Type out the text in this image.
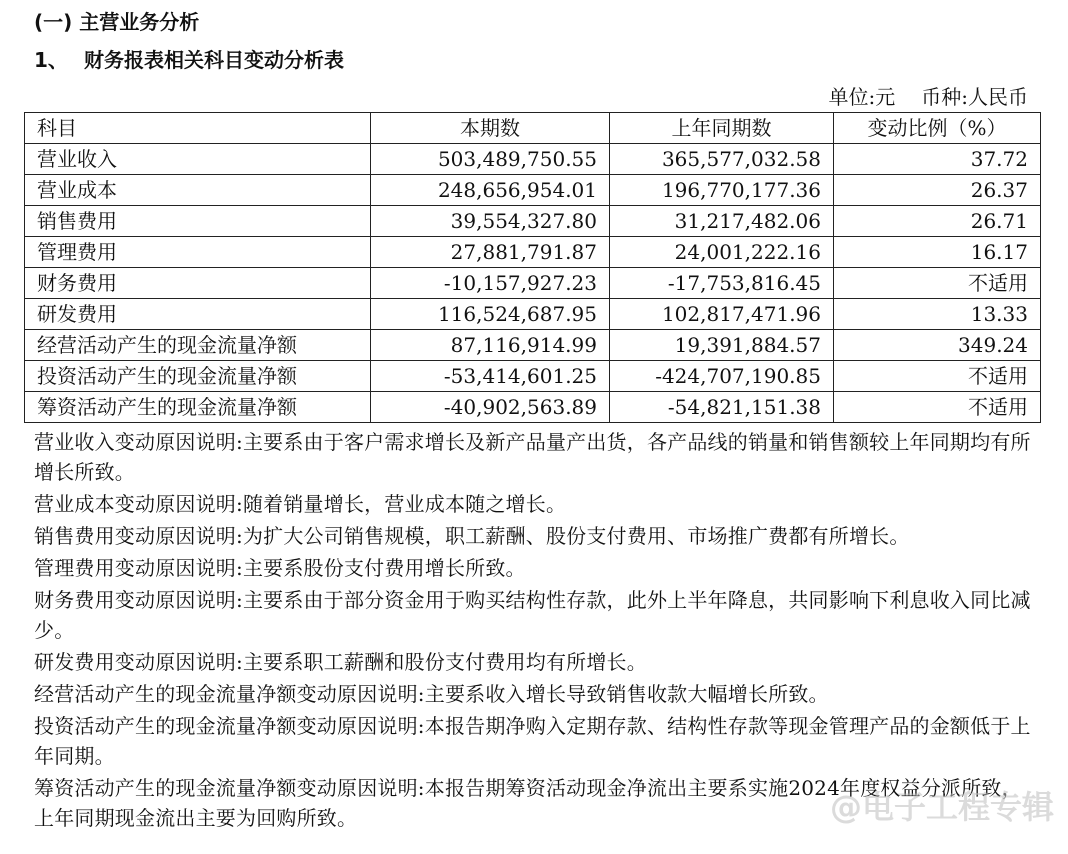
(一) 主营业务分析
1、 财务报表相关科目变动分析表
单位:元 币种:人民币
科目	本期数	上年同期数	变动比例（%）
营业收入	503,489,750.55	365,577,032.58	37.72
营业成本	248,656,954.01	196,770,177.36	26.37
销售费用	39,554,327.80	31,217,482.06	26.71
管理费用	27,881,791.87	24,001,222.16	16.17
财务费用	-10,157,927.23	-17,753,816.45	不适用
研发费用	116,524,687.95	102,817,471.96	13.33
经营活动产生的现金流量净额	87,116,914.99	19,391,884.57	349.24
投资活动产生的现金流量净额	-53,414,601.25	-424,707,190.85	不适用
筹资活动产生的现金流量净额	-40,902,563.89	-54,821,151.38	不适用

营业收入变动原因说明:主要系由于客户需求增长及新产品量产出货，各产品线的销量和销售额较上年同期均有所增长所致。

营业成本变动原因说明:随着销量增长，营业成本随之增长。

销售费用变动原因说明:为扩大公司销售规模，职工薪酬、股份支付费用、市场推广费都有所增长。

管理费用变动原因说明:主要系股份支付费用增长所致。

财务费用变动原因说明:主要系由于部分资金用于购买结构性存款，此外上半年降息，共同影响下利息收入同比减少。

研发费用变动原因说明:主要系职工薪酬和股份支付费用均有所增长。

经营活动产生的现金流量净额变动原因说明:主要系收入增长导致销售收款大幅增长所致。

投资活动产生的现金流量净额变动原因说明:本报告期净购入定期存款、结构性存款等现金管理产品的金额低于上年同期。

筹资活动产生的现金流量净额变动原因说明:本报告期筹资活动现金净流出主要系实施2024年度权益分派所致，上年同期现金流出主要为回购所致。	@电子工程专辑
